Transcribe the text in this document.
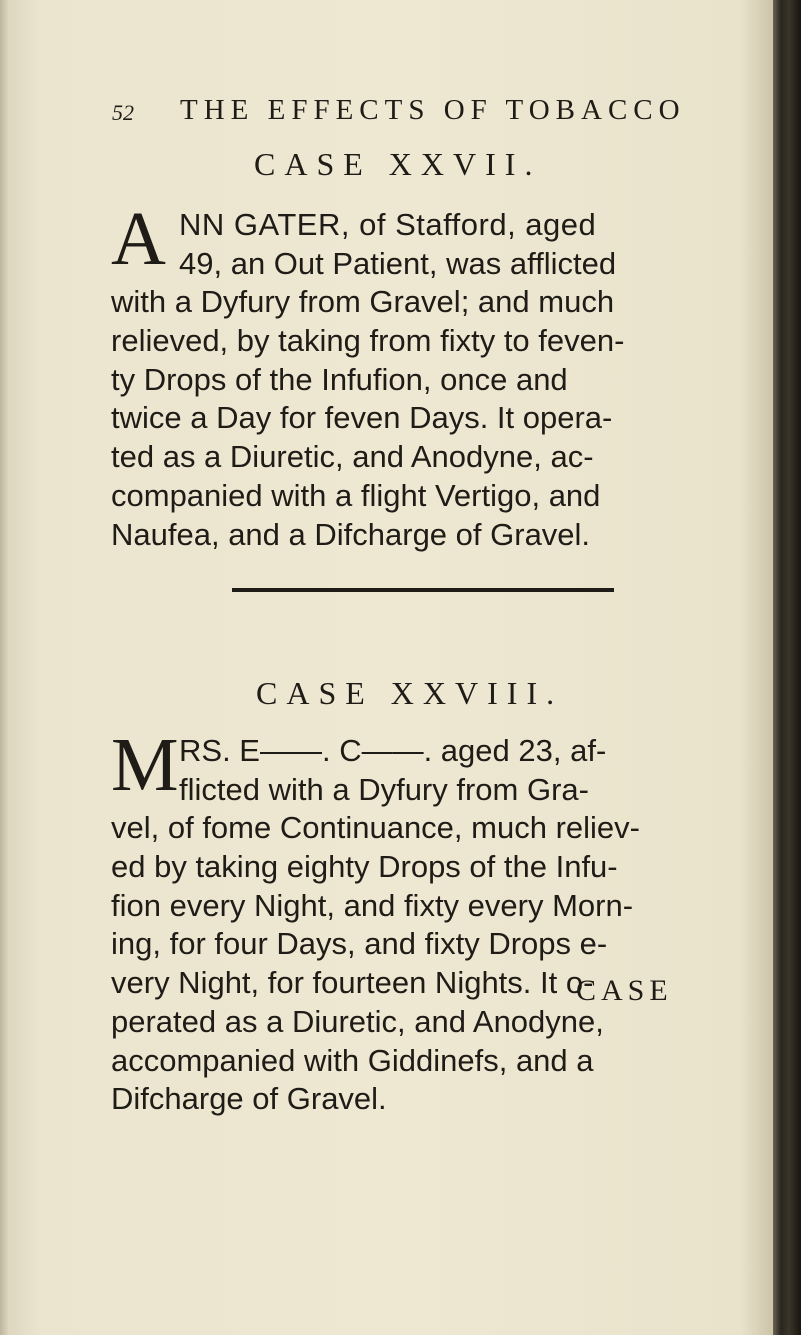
52 THE EFFECTS OF TOBACCO
CASE XXVII.
A NN GATER, of Stafford, aged
49, an Out Patient, was afflicted
with a Dyfury from Gravel; and much
relieved, by taking from fixty to feven-
ty Drops of the Infufion, once and
twice a Day for feven Days. It opera-
ted as a Diuretic, and Anodyne, ac-
companied with a flight Vertigo, and
Naufea, and a Difcharge of Gravel.
CASE XXVIII.
M RS. E——. C——. aged 23, af-
flicted with a Dyfury from Gra-
vel, of fome Continuance, much reliev-
ed by taking eighty Drops of the Infu-
fion every Night, and fixty every Morn-
ing, for four Days, and fixty Drops e-
very Night, for fourteen Nights. It o-
perated as a Diuretic, and Anodyne,
accompanied with Giddinefs, and a
Difcharge of Gravel.
CASE
